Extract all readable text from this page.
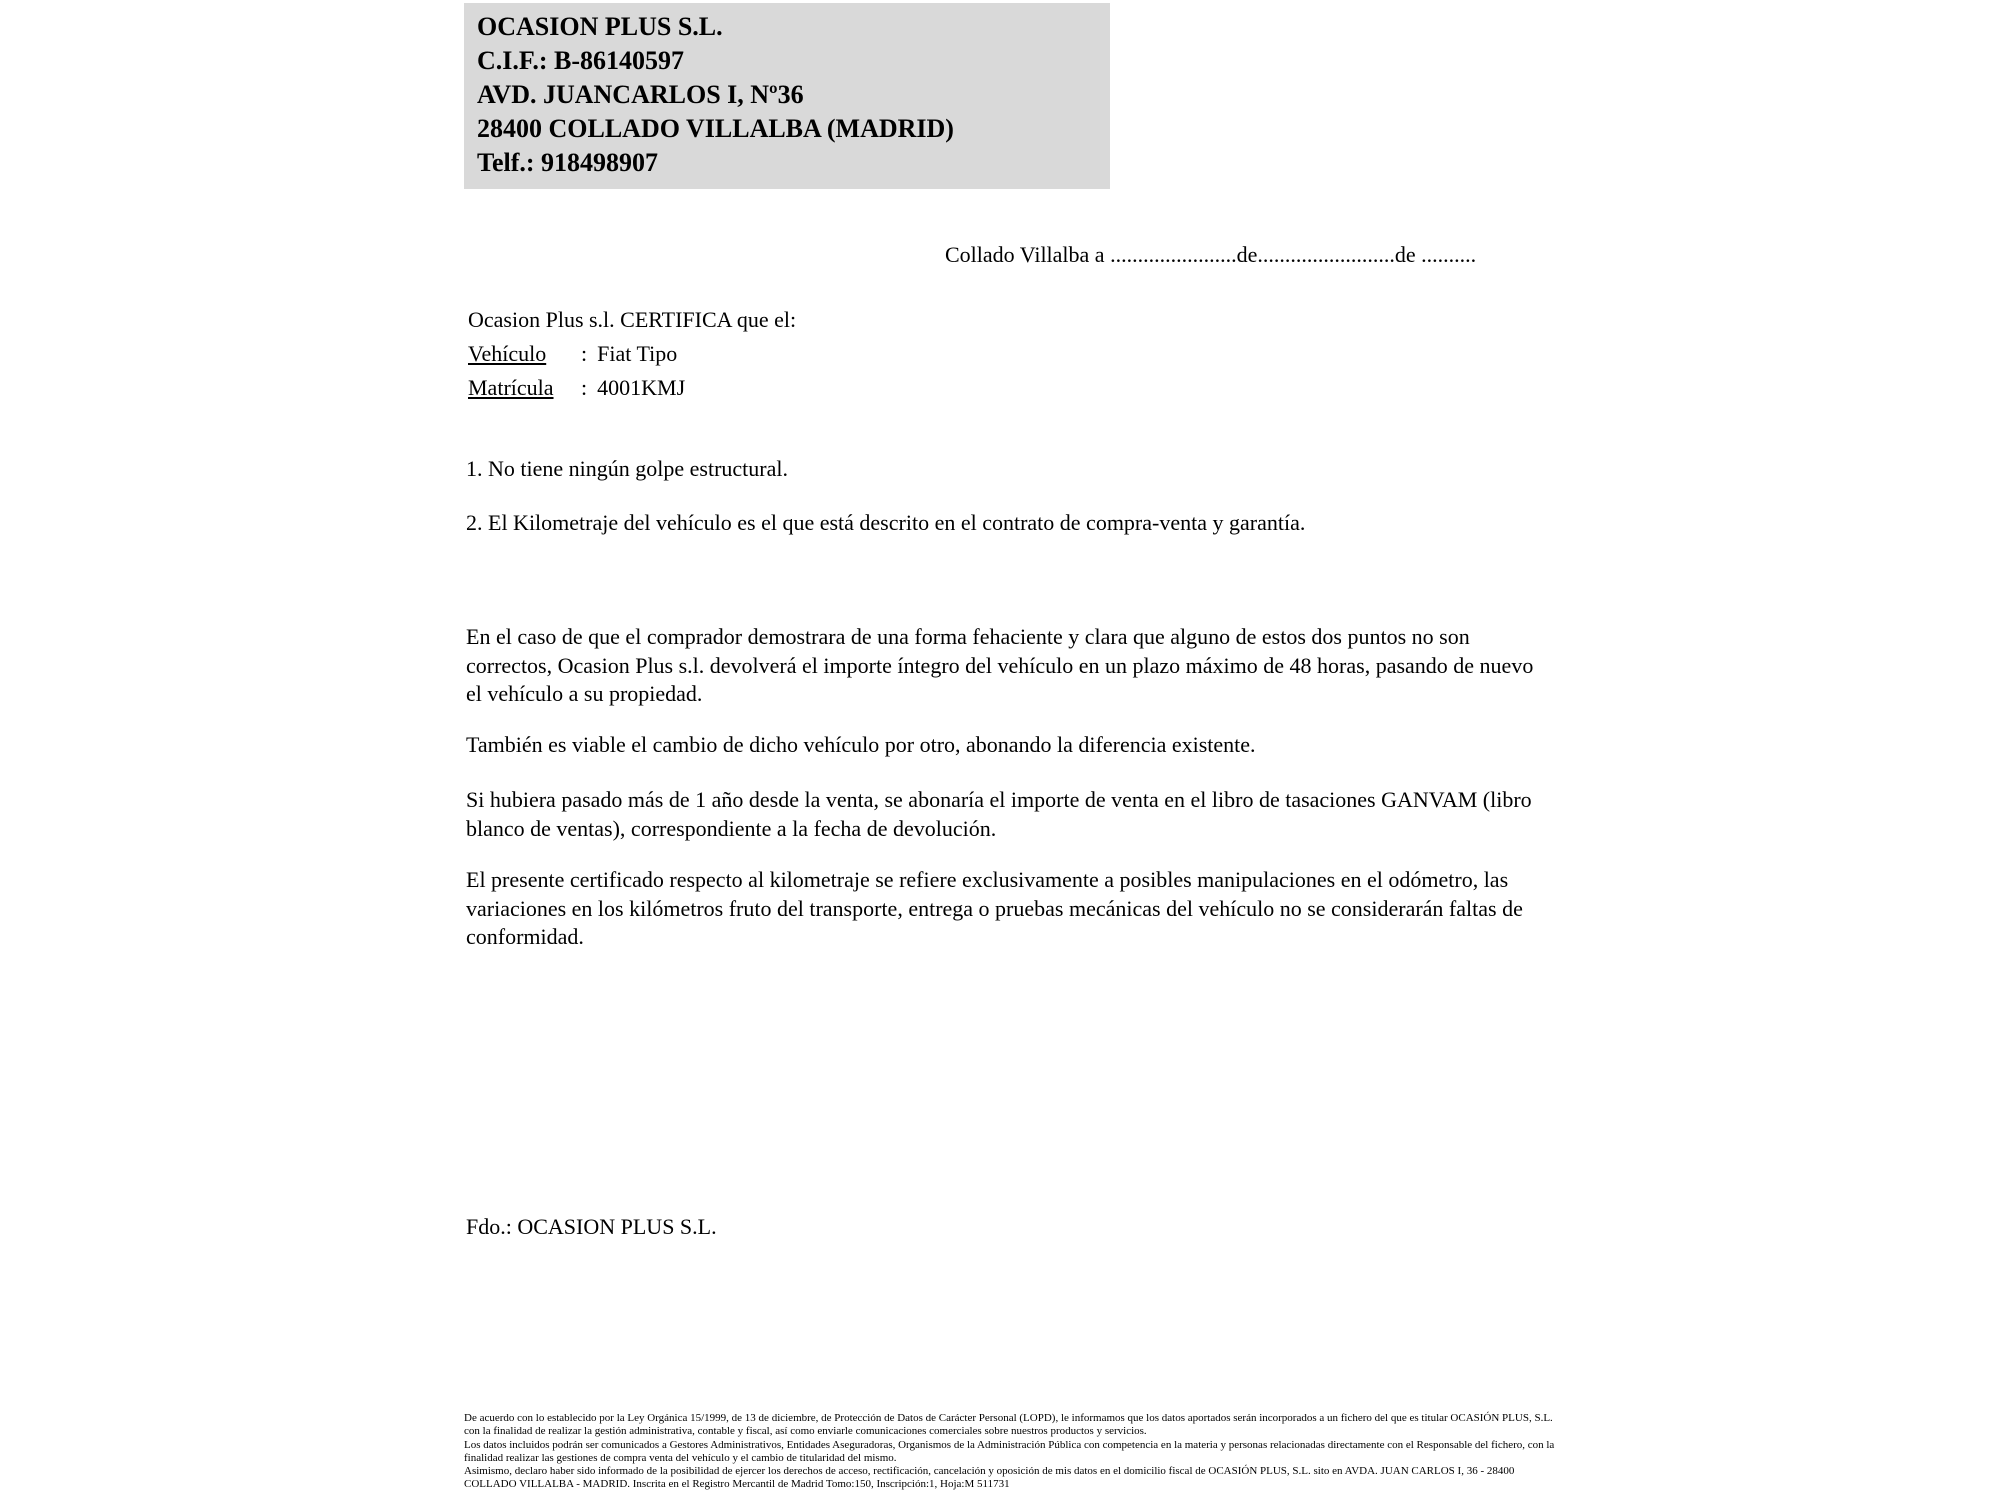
OCASION PLUS S.L.
C.I.F.: B-86140597
AVD. JUANCARLOS I, Nº36
28400 COLLADO VILLALBA (MADRID)
Telf.: 918498907
Collado Villalba a .......................de.........................de ..........
Ocasion Plus s.l. CERTIFICA que el:
Vehículo : Fiat Tipo
Matrícula : 4001KMJ
1. No tiene ningún golpe estructural.
2. El Kilometraje del vehículo es el que está descrito en el contrato de compra-venta y garantía.
En el caso de que el comprador demostrara de una forma fehaciente y clara que alguno de estos dos puntos no son correctos, Ocasion Plus s.l. devolverá el importe íntegro del vehículo en un plazo máximo de 48 horas, pasando de nuevo el vehículo a su propiedad.
También es viable el cambio de dicho vehículo por otro, abonando la diferencia existente.
Si hubiera pasado más de 1 año desde la venta, se abonaría el importe de venta en el libro de tasaciones GANVAM (libro blanco de ventas), correspondiente a la fecha de devolución.
El presente certificado respecto al kilometraje se refiere exclusivamente a posibles manipulaciones en el odómetro, las variaciones en los kilómetros fruto del transporte, entrega o pruebas mecánicas del vehículo no se considerarán faltas de conformidad.
Fdo.: OCASION PLUS S.L.

De acuerdo con lo establecido por la Ley Orgánica 15/1999, de 13 de diciembre, de Protección de Datos de Carácter Personal (LOPD), le informamos que los datos aportados serán incorporados a un fichero del que es titular OCASIÓN PLUS, S.L. con la finalidad de realizar la gestión administrativa, contable y fiscal, así como enviarle comunicaciones comerciales sobre nuestros productos y servicios.

Los datos incluidos podrán ser comunicados a Gestores Administrativos, Entidades Aseguradoras, Organismos de la Administración Pública con competencia en la materia y personas relacionadas directamente con el Responsable del fichero, con la finalidad realizar las gestiones de compra venta del vehículo y el cambio de titularidad del mismo.

Asimismo, declaro haber sido informado de la posibilidad de ejercer los derechos de acceso, rectificación, cancelación y oposición de mis datos en el domicilio fiscal de OCASIÓN PLUS, S.L. sito en AVDA. JUAN CARLOS I, 36 - 28400 COLLADO VILLALBA - MADRID. Inscrita en el Registro Mercantil de Madrid Tomo:150, Inscripción:1, Hoja:M 511731
